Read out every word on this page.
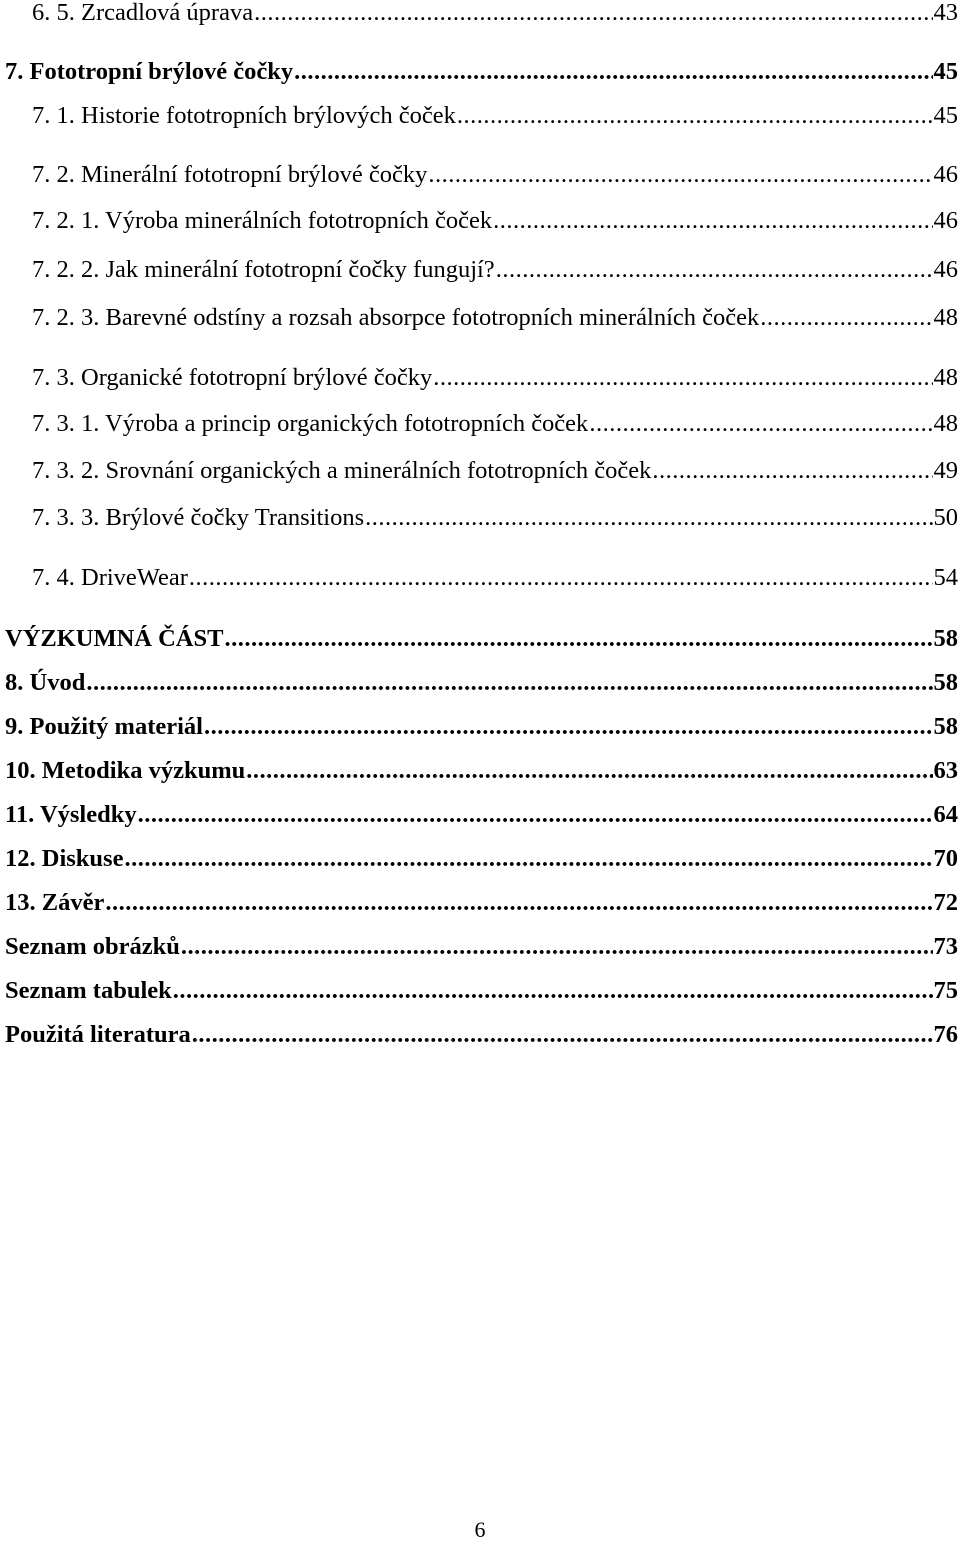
6. 5. Zrcadlová úprava .....	43
7. Fototropní brýlové čočky .....	45
7. 1. Historie fototropních brýlových čoček .....	45
7. 2. Minerální fototropní brýlové čočky .....	46
7. 2. 1. Výroba minerálních fototropních čoček .....	46
7. 2. 2. Jak minerální fototropní čočky fungují? .....	46
7. 2. 3. Barevné odstíny a rozsah absorpce fototropních minerálních čoček .....	48
7. 3. Organické fototropní brýlové čočky .....	48
7. 3. 1. Výroba a princip organických fototropních čoček .....	48
7. 3. 2. Srovnání organických a minerálních fototropních čoček .....	49
7. 3. 3. Brýlové čočky Transitions .....	50
7. 4. DriveWear .....	54
VÝZKUMNÁ ČÁST .....	58
8. Úvod .....	58
9. Použitý materiál .....	58
10. Metodika výzkumu .....	63
11. Výsledky .....	64
12. Diskuse .....	70
13. Závěr .....	72
Seznam obrázků .....	73
Seznam tabulek .....	75
Použitá literatura .....	76
6
